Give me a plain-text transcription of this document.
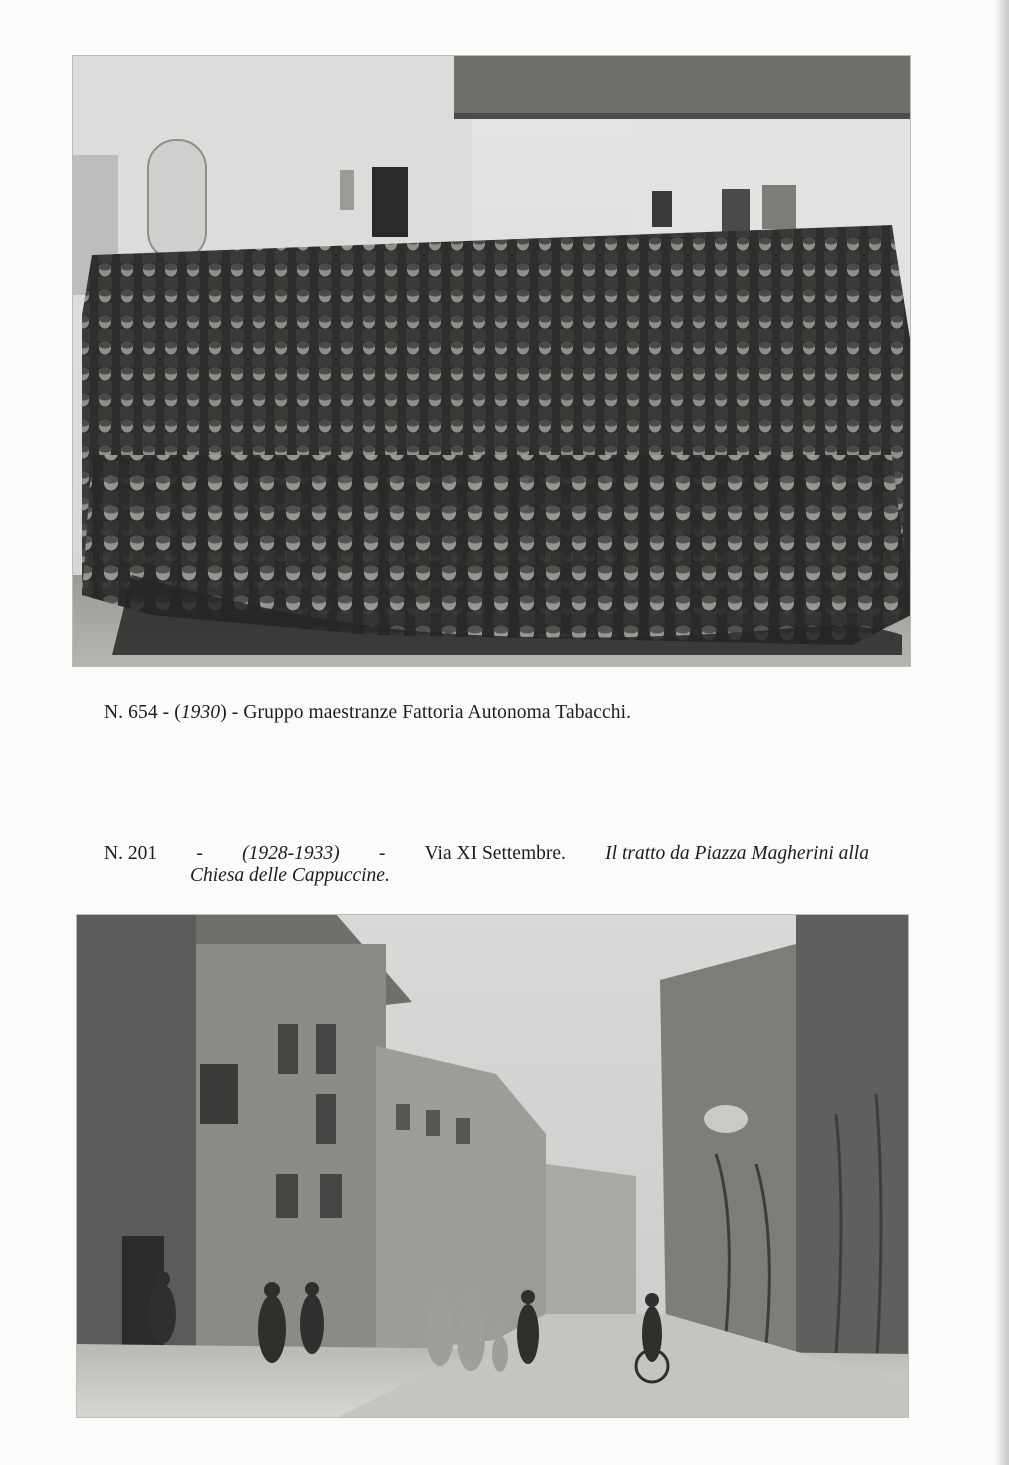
N. 654 - (1930) - Gruppo maestranze Fattoria Autonoma Tabacchi.
N. 201 - (1928-1933) - Via XI Settembre. Il tratto da Piazza Magherini alla
Chiesa delle Cappuccine.
